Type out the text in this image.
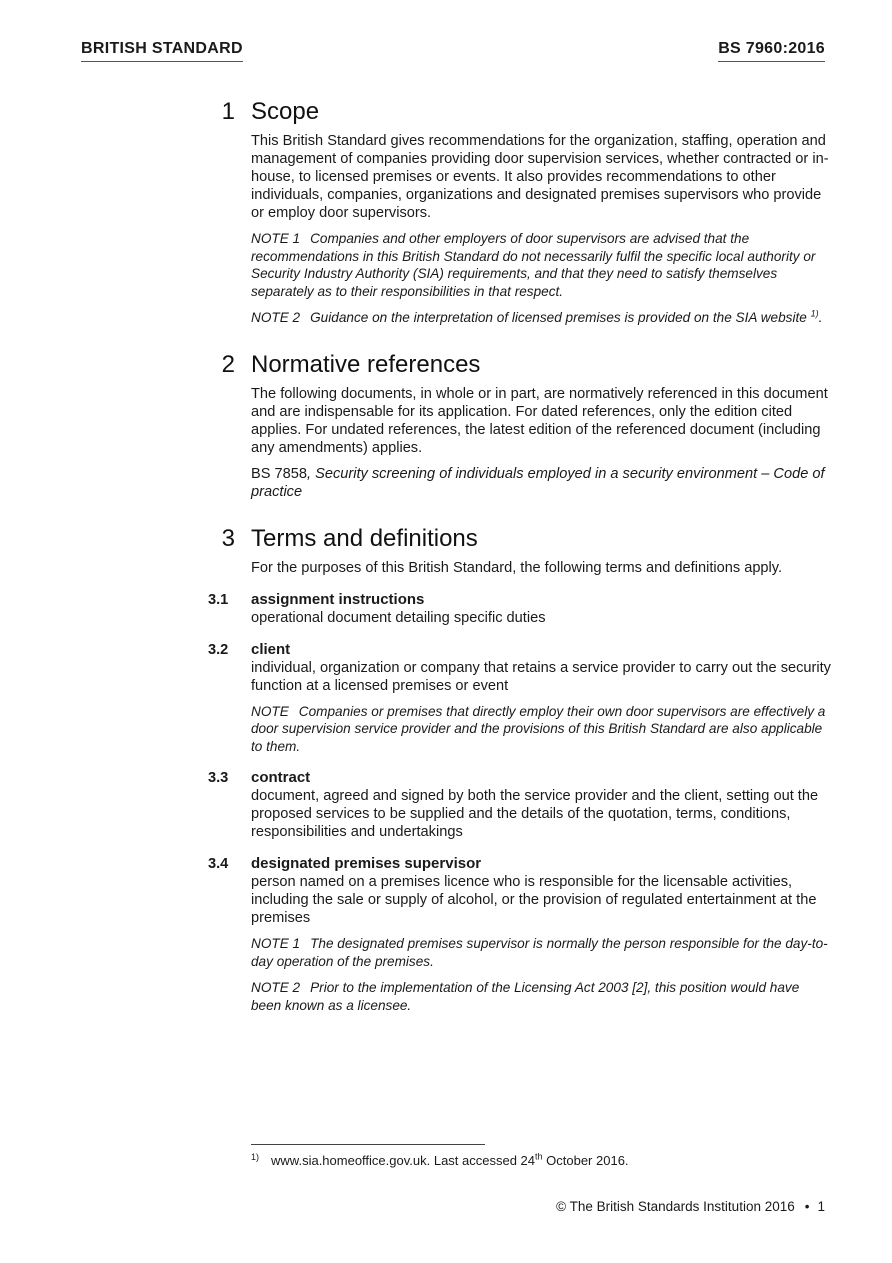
BRITISH STANDARD	BS 7960:2016
1 Scope

This British Standard gives recommendations for the organization, staffing, operation and management of companies providing door supervision services, whether contracted or in-house, to licensed premises or events. It also provides recommendations to other individuals, companies, organizations and designated premises supervisors who provide or employ door supervisors.

NOTE 1 Companies and other employers of door supervisors are advised that the recommendations in this British Standard do not necessarily fulfil the specific local authority or Security Industry Authority (SIA) requirements, and that they need to satisfy themselves separately as to their responsibilities in that respect.

NOTE 2 Guidance on the interpretation of licensed premises is provided on the SIA website $^{1)}$.

2 Normative references

The following documents, in whole or in part, are normatively referenced in this document and are indispensable for its application. For dated references, only the edition cited applies. For undated references, the latest edition of the referenced document (including any amendments) applies.

BS 7858, Security screening of individuals employed in a security environment – Code of practice

3 Terms and definitions

For the purposes of this British Standard, the following terms and definitions apply.

3.1 assignment instructions

operational document detailing specific duties

3.2 client

individual, organization or company that retains a service provider to carry out the security function at a licensed premises or event

NOTE Companies or premises that directly employ their own door supervisors are effectively a door supervision service provider and the provisions of this British Standard are also applicable to them.

3.3 contract

document, agreed and signed by both the service provider and the client, setting out the proposed services to be supplied and the details of the quotation, terms, conditions, responsibilities and undertakings

3.4 designated premises supervisor

person named on a premises licence who is responsible for the licensable activities, including the sale or supply of alcohol, or the provision of regulated entertainment at the premises

NOTE 1 The designated premises supervisor is normally the person responsible for the day-to-day operation of the premises.

NOTE 2 Prior to the implementation of the Licensing Act 2003 [2], this position would have been known as a licensee.

$^{1)}$ www.sia.homeoffice.gov.uk. Last accessed 24th October 2016.
© The British Standards Institution 2016 • 1
